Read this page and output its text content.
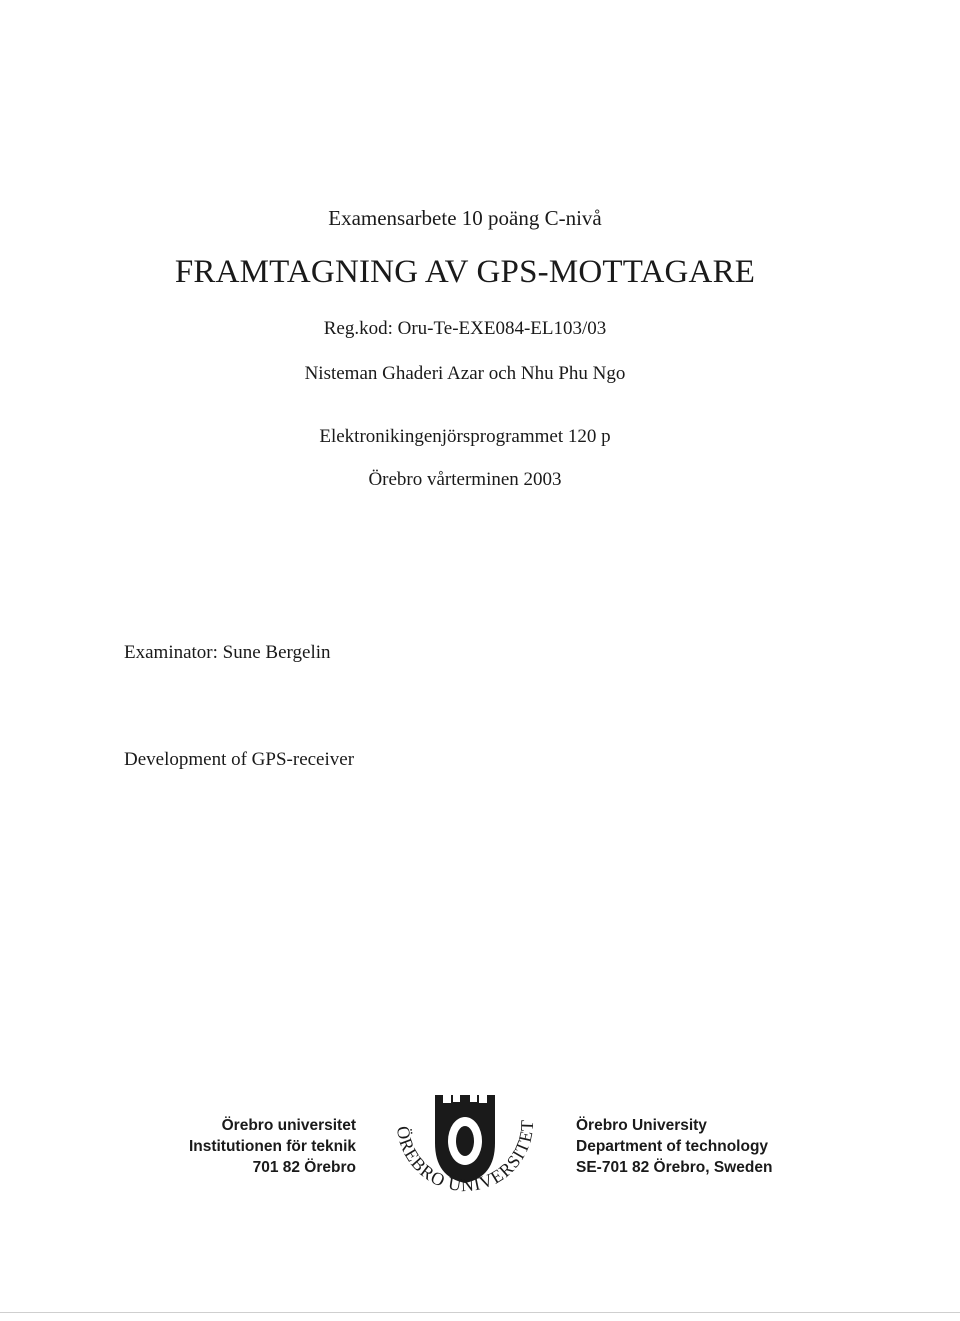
Examensarbete 10 poäng C-nivå
FRAMTAGNING AV GPS-MOTTAGARE
Reg.kod: Oru-Te-EXE084-EL103/03
Nisteman Ghaderi Azar och Nhu Phu Ngo
Elektronikingenjörsprogrammet 120 p
Örebro vårterminen 2003
Examinator: Sune Bergelin
Development of GPS-receiver
Örebro universitet
Institutionen för teknik
701 82 Örebro
ÖREBRO UNIVERSITET	Örebro University
Department of technology
SE-701 82 Örebro, Sweden
